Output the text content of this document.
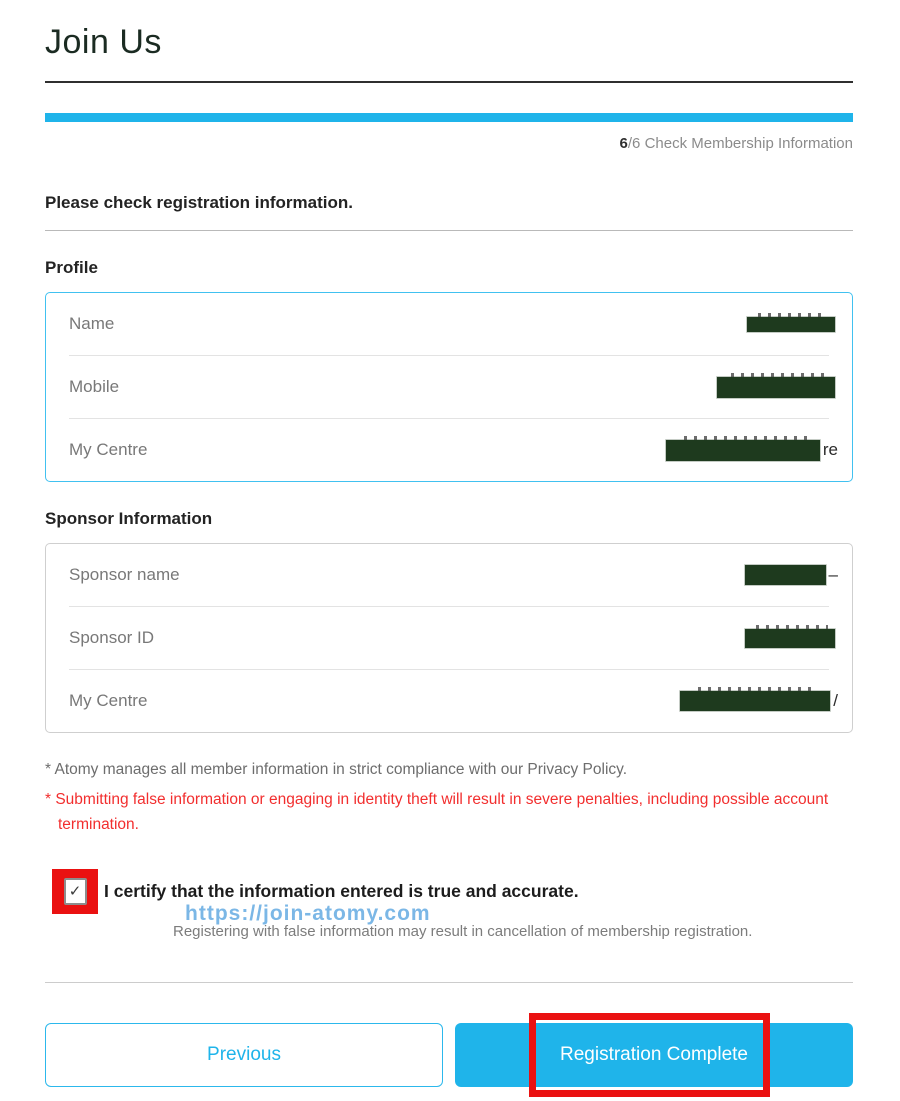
Join Us
6/6 Check Membership Information
Please check registration information.
Profile
Name
Mobile
My Centre	re
Sponsor Information
Sponsor name	–
Sponsor ID
My Centre	/
* Atomy manages all member information in strict compliance with our Privacy Policy.
* Submitting false information or engaging in identity theft will result in severe penalties, including possible account termination.
✓ I certify that the information entered is true and accurate.
Registering with false information may result in cancellation of membership registration.
https://join-atomy.com
Previous	Registration Complete
